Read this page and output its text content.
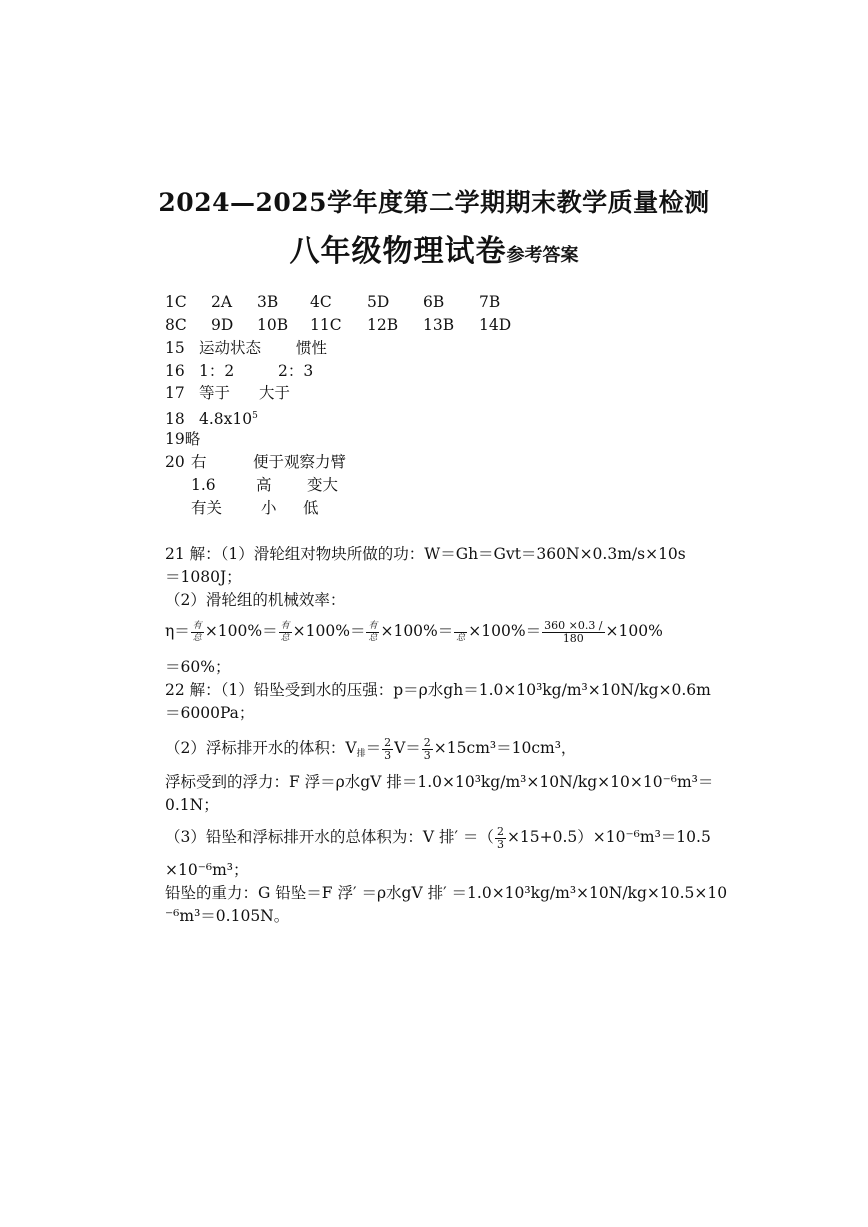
2024—2025学年度第二学期期末教学质量检测
八年级物理试卷参考答案
1C 2A 3B 4C 5D 6B 7B
8C 9D 10B 11C 12B 13B 14D
15 运动状态 惯性
16 1：2	2：3
17 等于 大于
18 $4.8x10^5$
19略
20 右	便于观察力臂
1.6	高 变大
有关	小 低
21 解：（1）滑轮组对物块所做的功：W＝Gh＝Gvt＝360N×0.3m/s×10s
＝1080J；
（2）滑轮组的机械效率：
$\eta= \frac{\text{有}}{\text{总}} \times 100\%= \frac{\text{有}}{\text{总}} \times 100\%= \frac{\text{有}}{\text{总}} \times 100\%=$
　 总 $\times 100\%= \frac{360 \times 0.3 /}{180} \times 100\%$
＝60%；
22 解：（1）铅坠受到水的压强：p＝ρ水gh＝1.0×10³kg/m³×10N/kg×0.6m
＝6000Pa；
（2）浮标排开水的体积：$V_排= \frac{2}{3} V= \frac{2}{3} \times 15cm^3=10cm^3$，
浮标受到的浮力：F 浮＝ρ水gV 排＝1.0×10³kg/m³×10N/kg×10×10⁻⁶m³＝
0.1N；
（3）铅坠和浮标排开水的总体积为：V 排′ ＝（ $\frac{2}{3} \times 15+0.5)\times 10^{-6}m^3=10.5$
×10⁻⁶m³；
铅坠的重力：G 铅坠＝F 浮′ ＝ρ水gV 排′ ＝1.0×10³kg/m³×10N/kg×10.5×10
⁻⁶m³＝0.105N。
